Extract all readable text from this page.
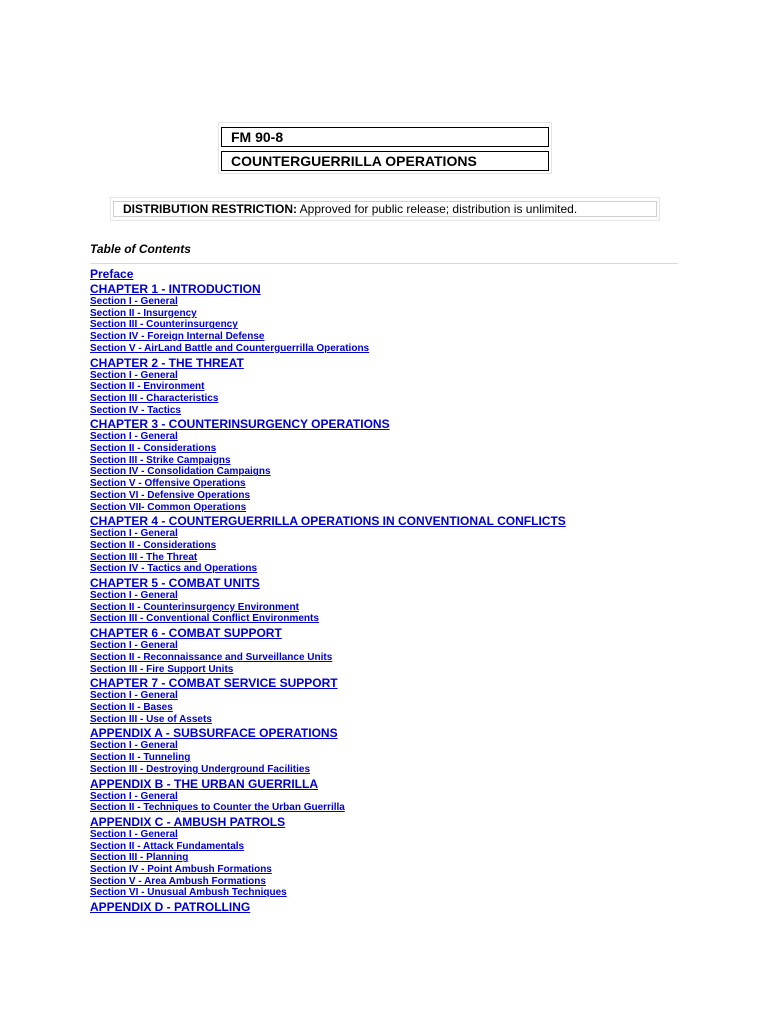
FM 90-8
COUNTERGUERRILLA OPERATIONS
DISTRIBUTION RESTRICTION: Approved for public release; distribution is unlimited.
Table of Contents
Preface
CHAPTER 1 - INTRODUCTION
Section I - General
Section II - Insurgency
Section III - Counterinsurgency
Section IV - Foreign Internal Defense
Section V - AirLand Battle and Counterguerrilla Operations
CHAPTER 2 - THE THREAT
Section I - General
Section II - Environment
Section III - Characteristics
Section IV - Tactics
CHAPTER 3 - COUNTERINSURGENCY OPERATIONS
Section I - General
Section II - Considerations
Section III - Strike Campaigns
Section IV - Consolidation Campaigns
Section V - Offensive Operations
Section VI - Defensive Operations
Section VII- Common Operations
CHAPTER 4 - COUNTERGUERRILLA OPERATIONS IN CONVENTIONAL CONFLICTS
Section I - General
Section II - Considerations
Section III - The Threat
Section IV - Tactics and Operations
CHAPTER 5 - COMBAT UNITS
Section I - General
Section II - Counterinsurgency Environment
Section III - Conventional Conflict Environments
CHAPTER 6 - COMBAT SUPPORT
Section I - General
Section II - Reconnaissance and Surveillance Units
Section III - Fire Support Units
CHAPTER 7 - COMBAT SERVICE SUPPORT
Section I - General
Section II - Bases
Section III - Use of Assets
APPENDIX A - SUBSURFACE OPERATIONS
Section I - General
Section II - Tunneling
Section III - Destroying Underground Facilities
APPENDIX B - THE URBAN GUERRILLA
Section I - General
Section II - Techniques to Counter the Urban Guerrilla
APPENDIX C - AMBUSH PATROLS
Section I - General
Section II - Attack Fundamentals
Section III - Planning
Section IV - Point Ambush Formations
Section V - Area Ambush Formations
Section VI - Unusual Ambush Techniques
APPENDIX D - PATROLLING
